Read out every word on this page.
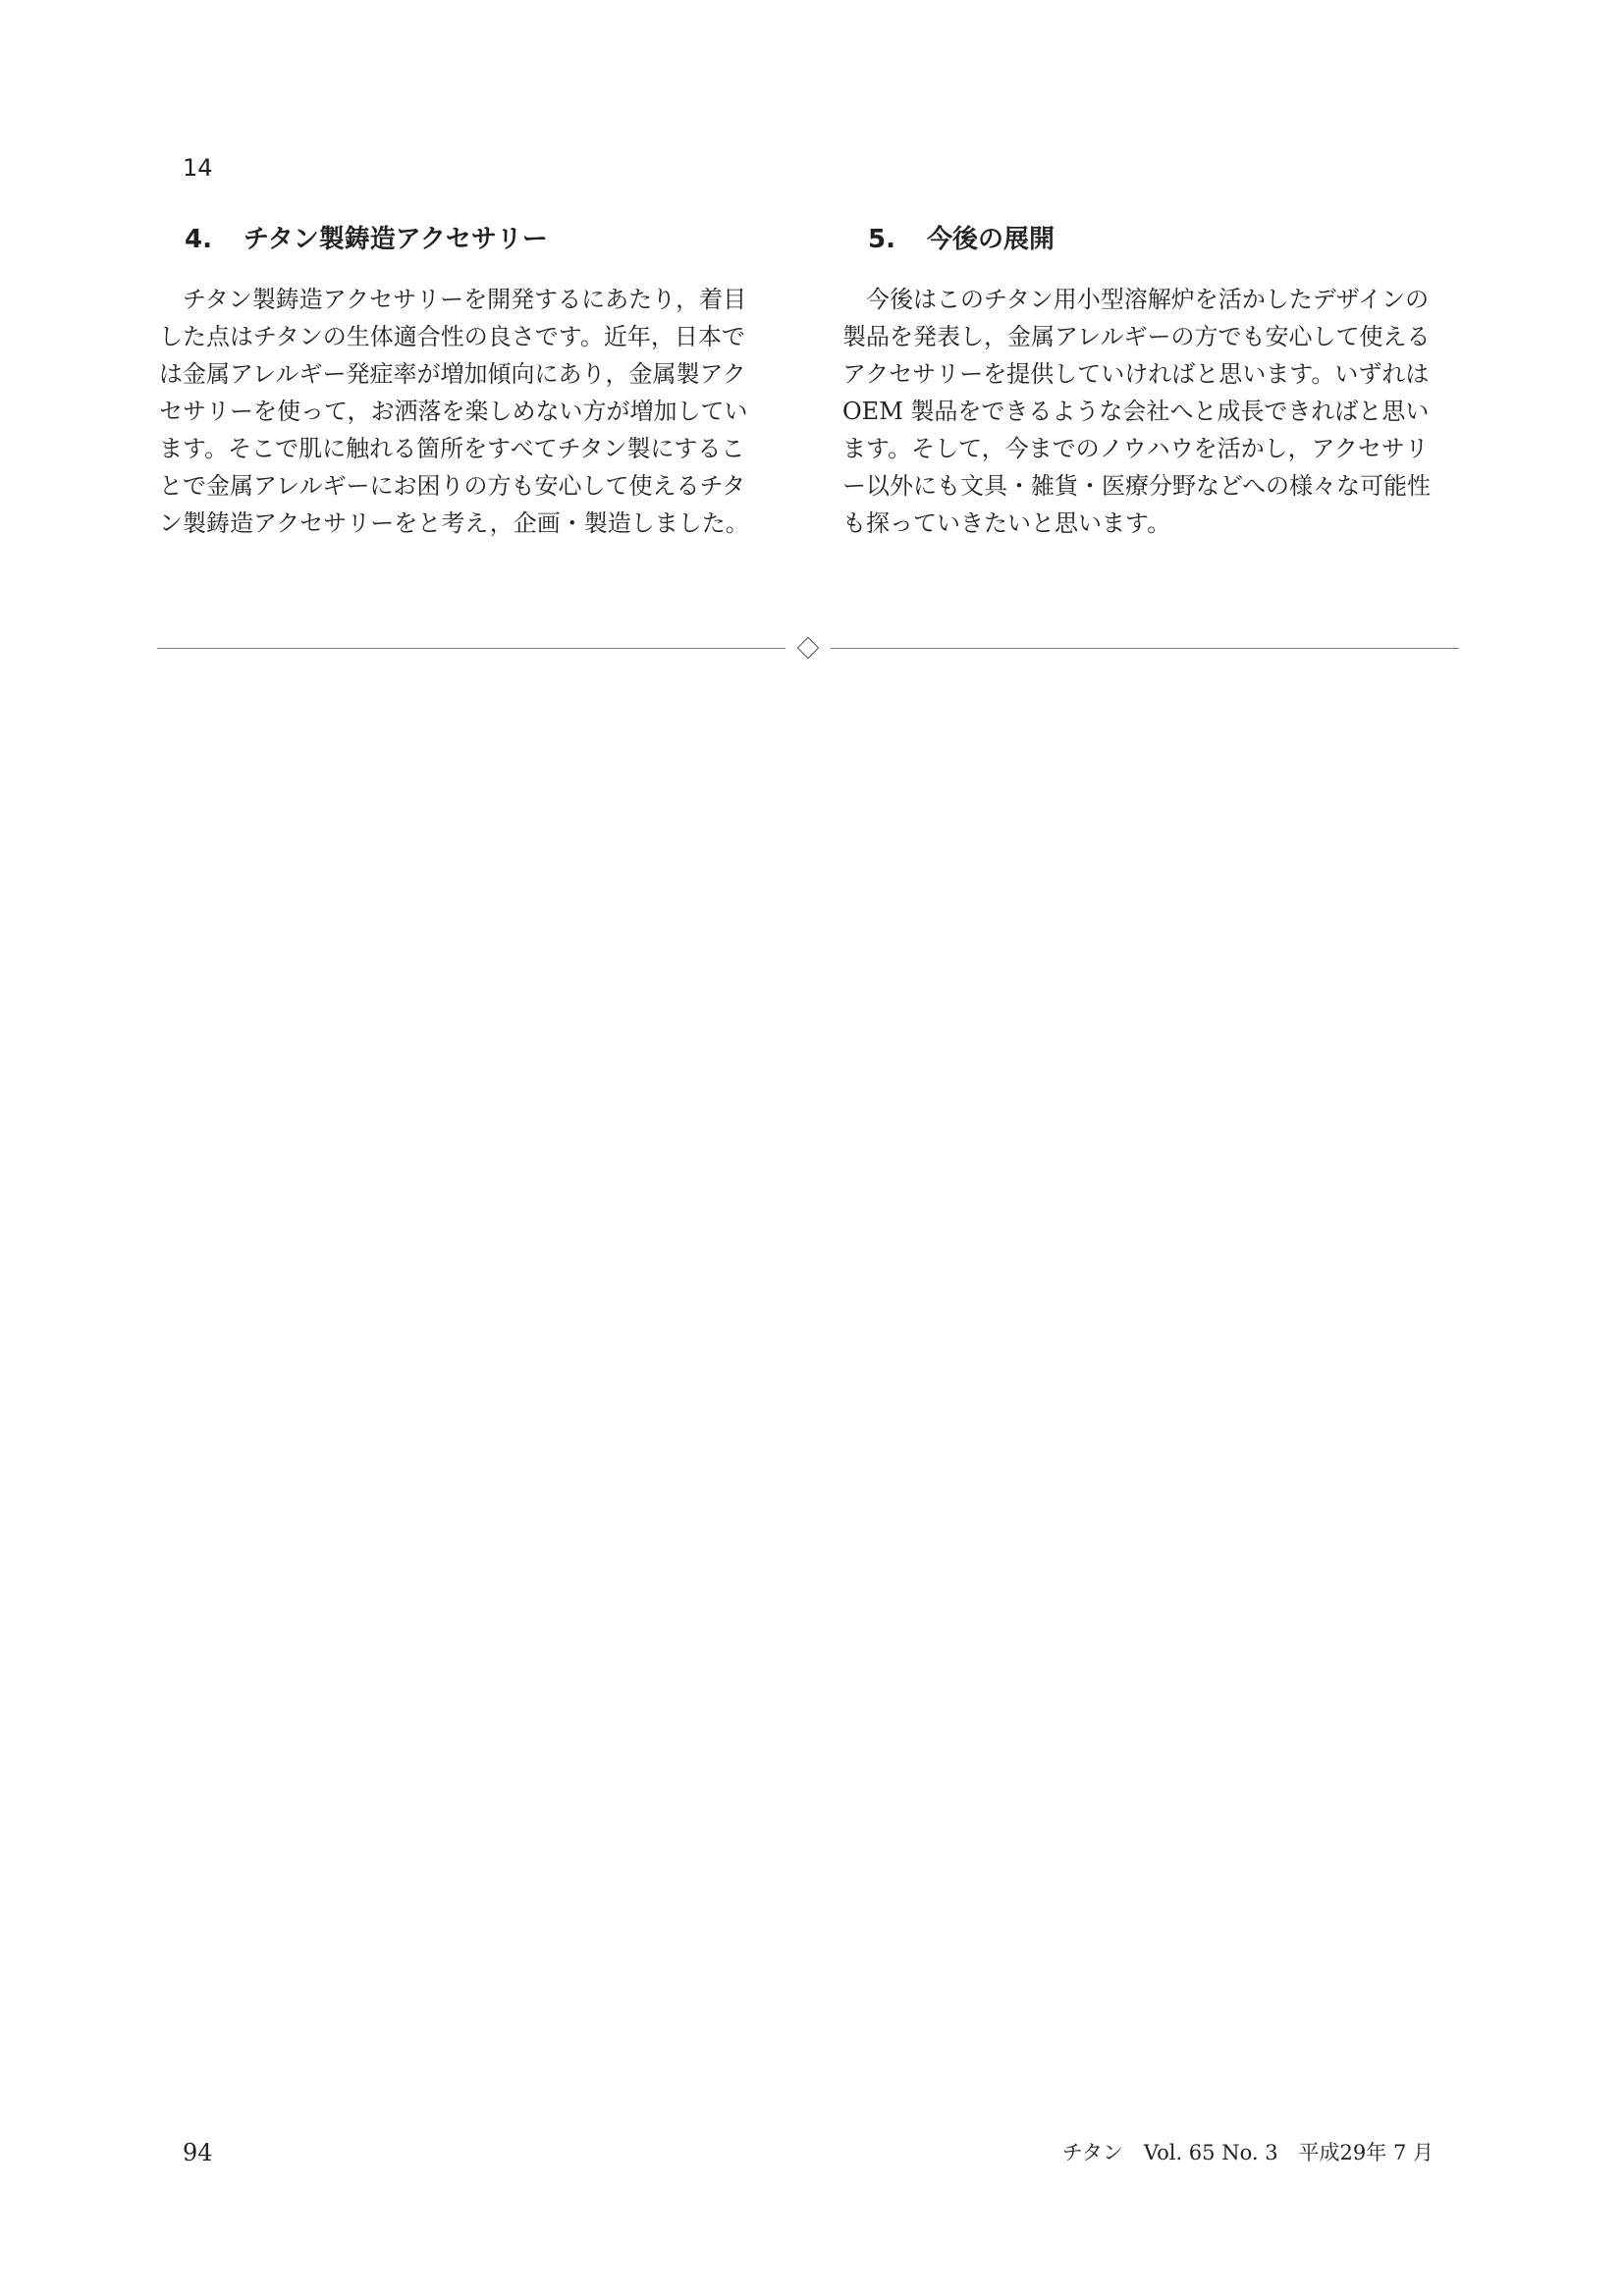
14
4. チタン製鋳造アクセサリー

　チタン製鋳造アクセサリーを開発するにあたり，着目
した点はチタンの生体適合性の良さです。近年，日本で
は金属アレルギー発症率が増加傾向にあり，金属製アク
セサリーを使って，お洒落を楽しめない方が増加してい
ます。そこで肌に触れる箇所をすべてチタン製にするこ
とで金属アレルギーにお困りの方も安心して使えるチタ
ン製鋳造アクセサリーをと考え，企画・製造しました。

5. 今後の展開

　今後はこのチタン用小型溶解炉を活かしたデザインの
製品を発表し，金属アレルギーの方でも安心して使える
アクセサリーを提供していければと思います。いずれは
OEM 製品をできるような会社へと成長できればと思い
ます。そして，今までのノウハウを活かし，アクセサリ
ー以外にも文具・雑貨・医療分野などへの様々な可能性
も探っていきたいと思います。

94	チタン　Vol. 65 No. 3　平成29年 7 月
